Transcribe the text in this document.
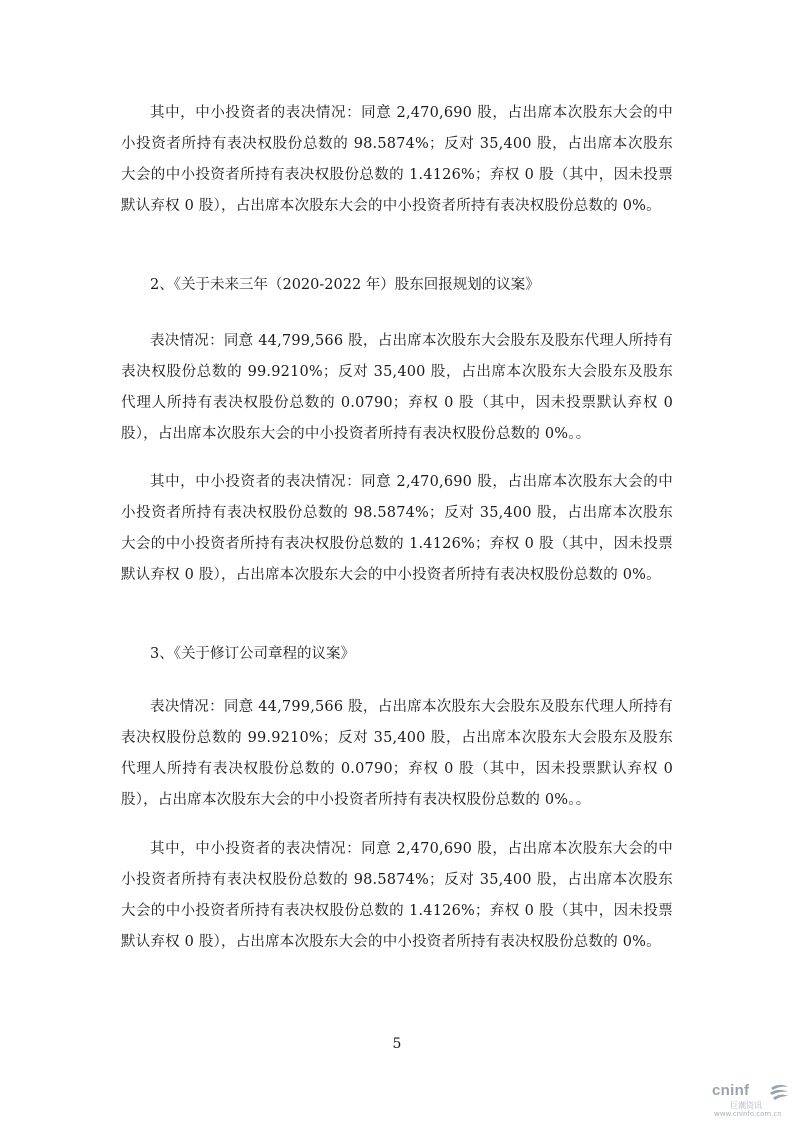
其中，中小投资者的表决情况：同意 2,470,690 股，占出席本次股东大会的中小投资者所持有表决权股份总数的 98.5874%；反对 35,400 股，占出席本次股东大会的中小投资者所持有表决权股份总数的 1.4126%；弃权 0 股（其中，因未投票默认弃权 0 股），占出席本次股东大会的中小投资者所持有表决权股份总数的 0%。

2、《关于未来三年（2020-2022 年）股东回报规划的议案》

表决情况：同意 44,799,566 股，占出席本次股东大会股东及股东代理人所持有表决权股份总数的 99.9210%；反对 35,400 股，占出席本次股东大会股东及股东代理人所持有表决权股份总数的 0.0790；弃权 0 股（其中，因未投票默认弃权 0 股），占出席本次股东大会的中小投资者所持有表决权股份总数的 0%。。

其中，中小投资者的表决情况：同意 2,470,690 股，占出席本次股东大会的中小投资者所持有表决权股份总数的 98.5874%；反对 35,400 股，占出席本次股东大会的中小投资者所持有表决权股份总数的 1.4126%；弃权 0 股（其中，因未投票默认弃权 0 股），占出席本次股东大会的中小投资者所持有表决权股份总数的 0%。

3、《关于修订公司章程的议案》

表决情况：同意 44,799,566 股，占出席本次股东大会股东及股东代理人所持有表决权股份总数的 99.9210%；反对 35,400 股，占出席本次股东大会股东及股东代理人所持有表决权股份总数的 0.0790；弃权 0 股（其中，因未投票默认弃权 0 股），占出席本次股东大会的中小投资者所持有表决权股份总数的 0%。。

其中，中小投资者的表决情况：同意 2,470,690 股，占出席本次股东大会的中小投资者所持有表决权股份总数的 98.5874%；反对 35,400 股，占出席本次股东大会的中小投资者所持有表决权股份总数的 1.4126%；弃权 0 股（其中，因未投票默认弃权 0 股），占出席本次股东大会的中小投资者所持有表决权股份总数的 0%。

5
cninf
巨潮资讯
www.cninfo.com.cn
